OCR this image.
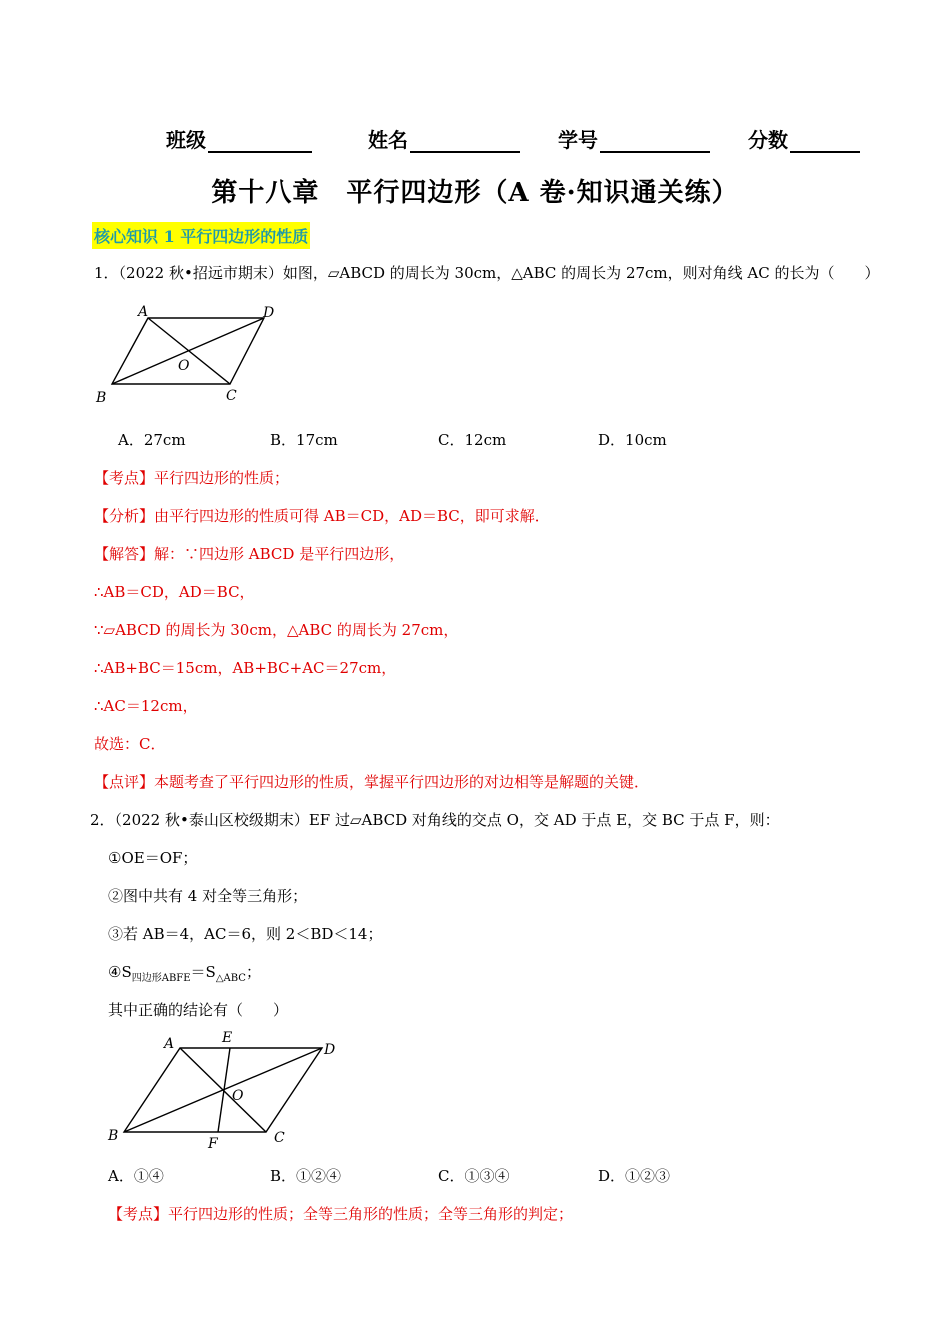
班级	姓名	学号	分数
第十八章　平行四边形（A 卷·知识通关练）
核心知识 1 平行四边形的性质
1．（2022 秋•招远市期末）如图，▱ABCD 的周长为 30cm，△ABC 的周长为 27cm，则对角线 AC 的长为（　　）
A	D
O
B	C
A．27cm	B．17cm	C．12cm	D．10cm
【考点】平行四边形的性质；
【分析】由平行四边形的性质可得 AB＝CD，AD＝BC，即可求解．
【解答】解：∵四边形 ABCD 是平行四边形，
∴AB＝CD，AD＝BC，
∵▱ABCD 的周长为 30cm，△ABC 的周长为 27cm，
∴AB+BC＝15cm，AB+BC+AC＝27cm，
∴AC＝12cm，
故选：C．
【点评】本题考查了平行四边形的性质，掌握平行四边形的对边相等是解题的关键．
2．（2022 秋•泰山区校级期末）EF 过▱ABCD 对角线的交点 O，交 AD 于点 E，交 BC 于点 F，则：
①OE＝OF；
②图中共有 4 对全等三角形；
③若 AB＝4，AC＝6，则 2＜BD＜14；
$④S_{四边形ABFE}=S_{\triangle ABC}$；
其中正确的结论有（　　）
A	E
D
O
B	F	C
A．①④	B．①②④	C．①③④	D．①②③
【考点】平行四边形的性质；全等三角形的性质；全等三角形的判定；
